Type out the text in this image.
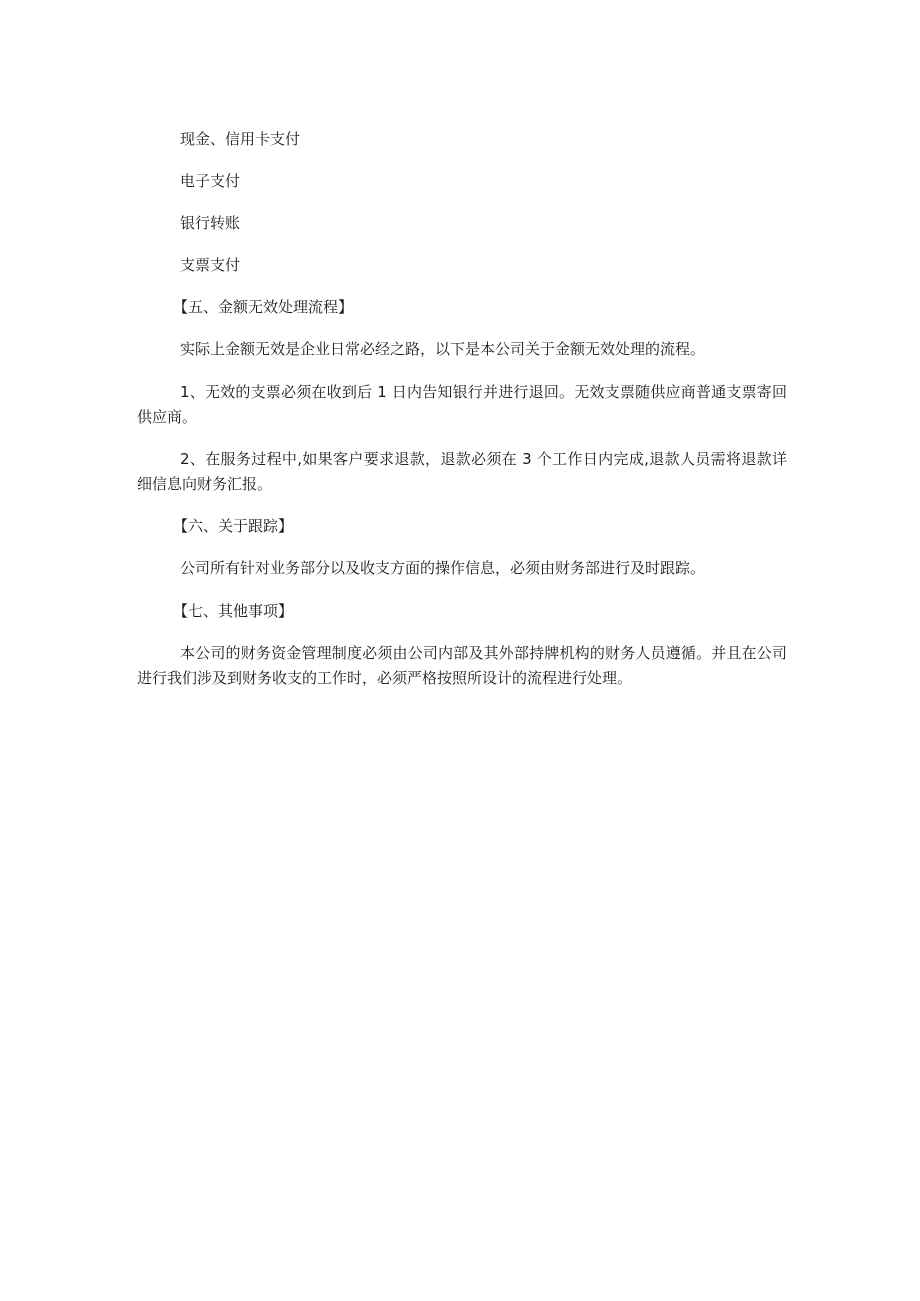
现金、信用卡支付
电子支付
银行转账
支票支付
【五、金额无效处理流程】

实际上金额无效是企业日常必经之路，以下是本公司关于金额无效处理的流程。

1、无效的支票必须在收到后 1 日内告知银行并进行退回。无效支票随供应商普通支票寄回供应商。

2、在服务过程中,如果客户要求退款，退款必须在 3 个工作日内完成,退款人员需将退款详细信息向财务汇报。

【六、关于跟踪】

公司所有针对业务部分以及收支方面的操作信息，必须由财务部进行及时跟踪。

【七、其他事项】

本公司的财务资金管理制度必须由公司内部及其外部持牌机构的财务人员遵循。并且在公司进行我们涉及到财务收支的工作时，必须严格按照所设计的流程进行处理。
